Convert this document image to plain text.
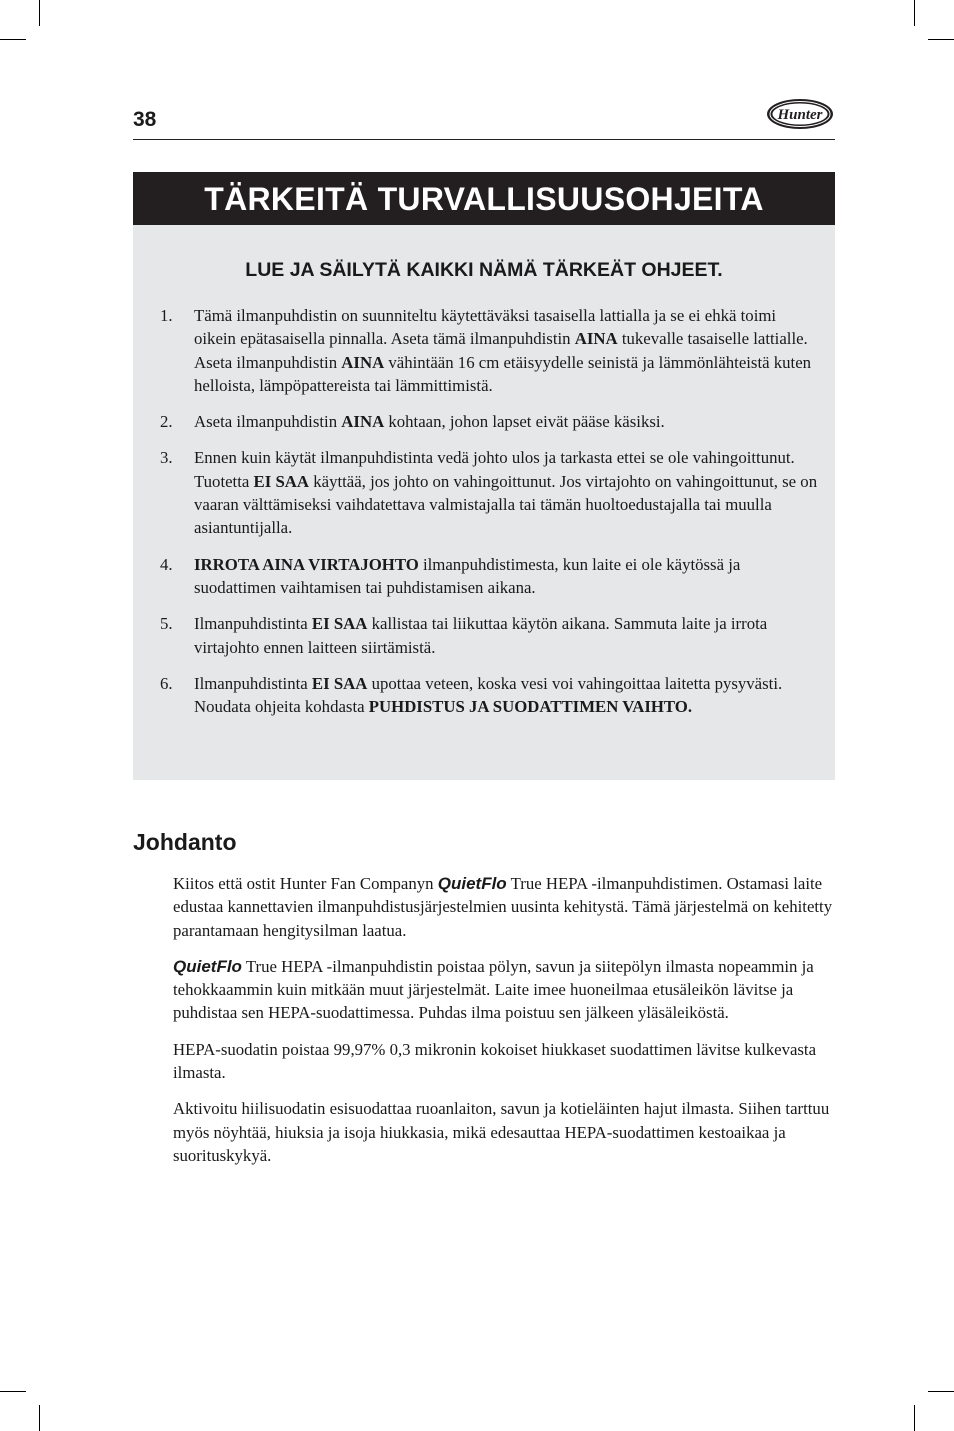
38	Hunter
TÄRKEITÄ TURVALLISUUSOHJEITA
LUE JA SÄILYTÄ KAIKKI NÄMÄ TÄRKEÄT OHJEET.
1. Tämä ilmanpuhdistin on suunniteltu käytettäväksi tasaisella lattialla ja se ei ehkä toimi oikein epätasaisella pinnalla. Aseta tämä ilmanpuhdistin AINA tukevalle tasaiselle lattialle. Aseta ilmanpuhdistin AINA vähintään 16 cm etäisyydelle seinistä ja lämmönlähteistä kuten helloista, lämpöpattereista tai lämmittimistä.
2. Aseta ilmanpuhdistin AINA kohtaan, johon lapset eivät pääse käsiksi.
3. Ennen kuin käytät ilmanpuhdistinta vedä johto ulos ja tarkasta ettei se ole vahingoittunut. Tuotetta EI SAA käyttää, jos johto on vahingoittunut. Jos virtajohto on vahingoittunut, se on vaaran välttämiseksi vaihdatettava valmistajalla tai tämän huoltoedustajalla tai muulla asiantuntijalla.
4. IRROTA AINA VIRTAJOHTO ilmanpuhdistimesta, kun laite ei ole käytössä ja suodattimen vaihtamisen tai puhdistamisen aikana.
5. Ilmanpuhdistinta EI SAA kallistaa tai liikuttaa käytön aikana. Sammuta laite ja irrota virtajohto ennen laitteen siirtämistä.
6. Ilmanpuhdistinta EI SAA upottaa veteen, koska vesi voi vahingoittaa laitetta pysyvästi. Noudata ohjeita kohdasta PUHDISTUS JA SUODATTIMEN VAIHTO.
Johdanto

Kiitos että ostit Hunter Fan Companyn QuietFlo True HEPA -ilmanpuhdistimen. Ostamasi laite edustaa kannettavien ilmanpuhdistusjärjestelmien uusinta kehitystä. Tämä järjestelmä on kehitetty parantamaan hengitysilman laatua.

QuietFlo True HEPA -ilmanpuhdistin poistaa pölyn, savun ja siitepölyn ilmasta nopeammin ja tehokkaammin kuin mitkään muut järjestelmät. Laite imee huoneilmaa etusäleikön lävitse ja puhdistaa sen HEPA-suodattimessa. Puhdas ilma poistuu sen jälkeen yläsäleiköstä.

HEPA-suodatin poistaa 99,97% 0,3 mikronin kokoiset hiukkaset suodattimen lävitse kulkevasta ilmasta.

Aktivoitu hiilisuodatin esisuodattaa ruoanlaiton, savun ja kotieläinten hajut ilmasta. Siihen tarttuu myös nöyhtää, hiuksia ja isoja hiukkasia, mikä edesauttaa HEPA-suodattimen kestoaikaa ja suorituskykyä.
